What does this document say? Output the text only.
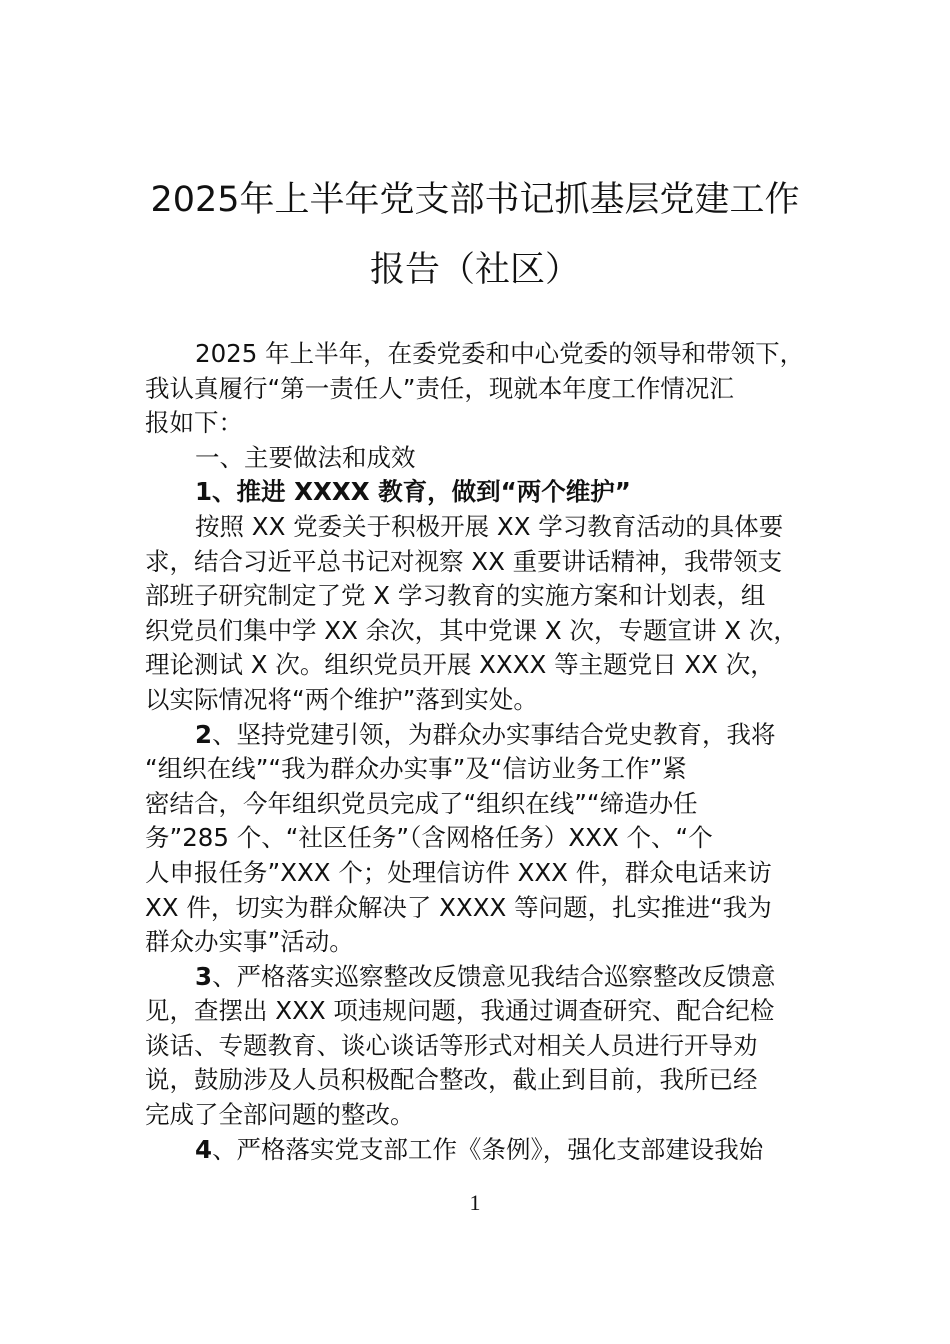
2025年上半年党支部书记抓基层党建工作
报告（社区）
2025 年上半年，在委党委和中心党委的领导和带领下，
我认真履行“第一责任人”责任，现就本年度工作情况汇
报如下：
一、主要做法和成效
1、推进 XXXX 教育，做到“两个维护”
按照 XX 党委关于积极开展 XX 学习教育活动的具体要
求，结合习近平总书记对视察 XX 重要讲话精神，我带领支
部班子研究制定了党 X 学习教育的实施方案和计划表，组
织党员们集中学 XX 余次，其中党课 X 次，专题宣讲 X 次，
理论测试 X 次。组织党员开展 XXXX 等主题党日 XX 次，
以实际情况将“两个维护”落到实处。
2、坚持党建引领，为群众办实事结合党史教育，我将
“组织在线”“我为群众办实事”及“信访业务工作”紧
密结合，今年组织党员完成了“组织在线”“缔造办任
务”285 个、“社区任务”（含网格任务）XXX 个、“个
人申报任务”XXX 个；处理信访件 XXX 件，群众电话来访
XX 件，切实为群众解决了 XXXX 等问题，扎实推进“我为
群众办实事”活动。
3、严格落实巡察整改反馈意见我结合巡察整改反馈意
见，查摆出 XXX 项违规问题，我通过调查研究、配合纪检
谈话、专题教育、谈心谈话等形式对相关人员进行开导劝
说，鼓励涉及人员积极配合整改，截止到目前，我所已经
完成了全部问题的整改。
4、严格落实党支部工作《条例》，强化支部建设我始
1
